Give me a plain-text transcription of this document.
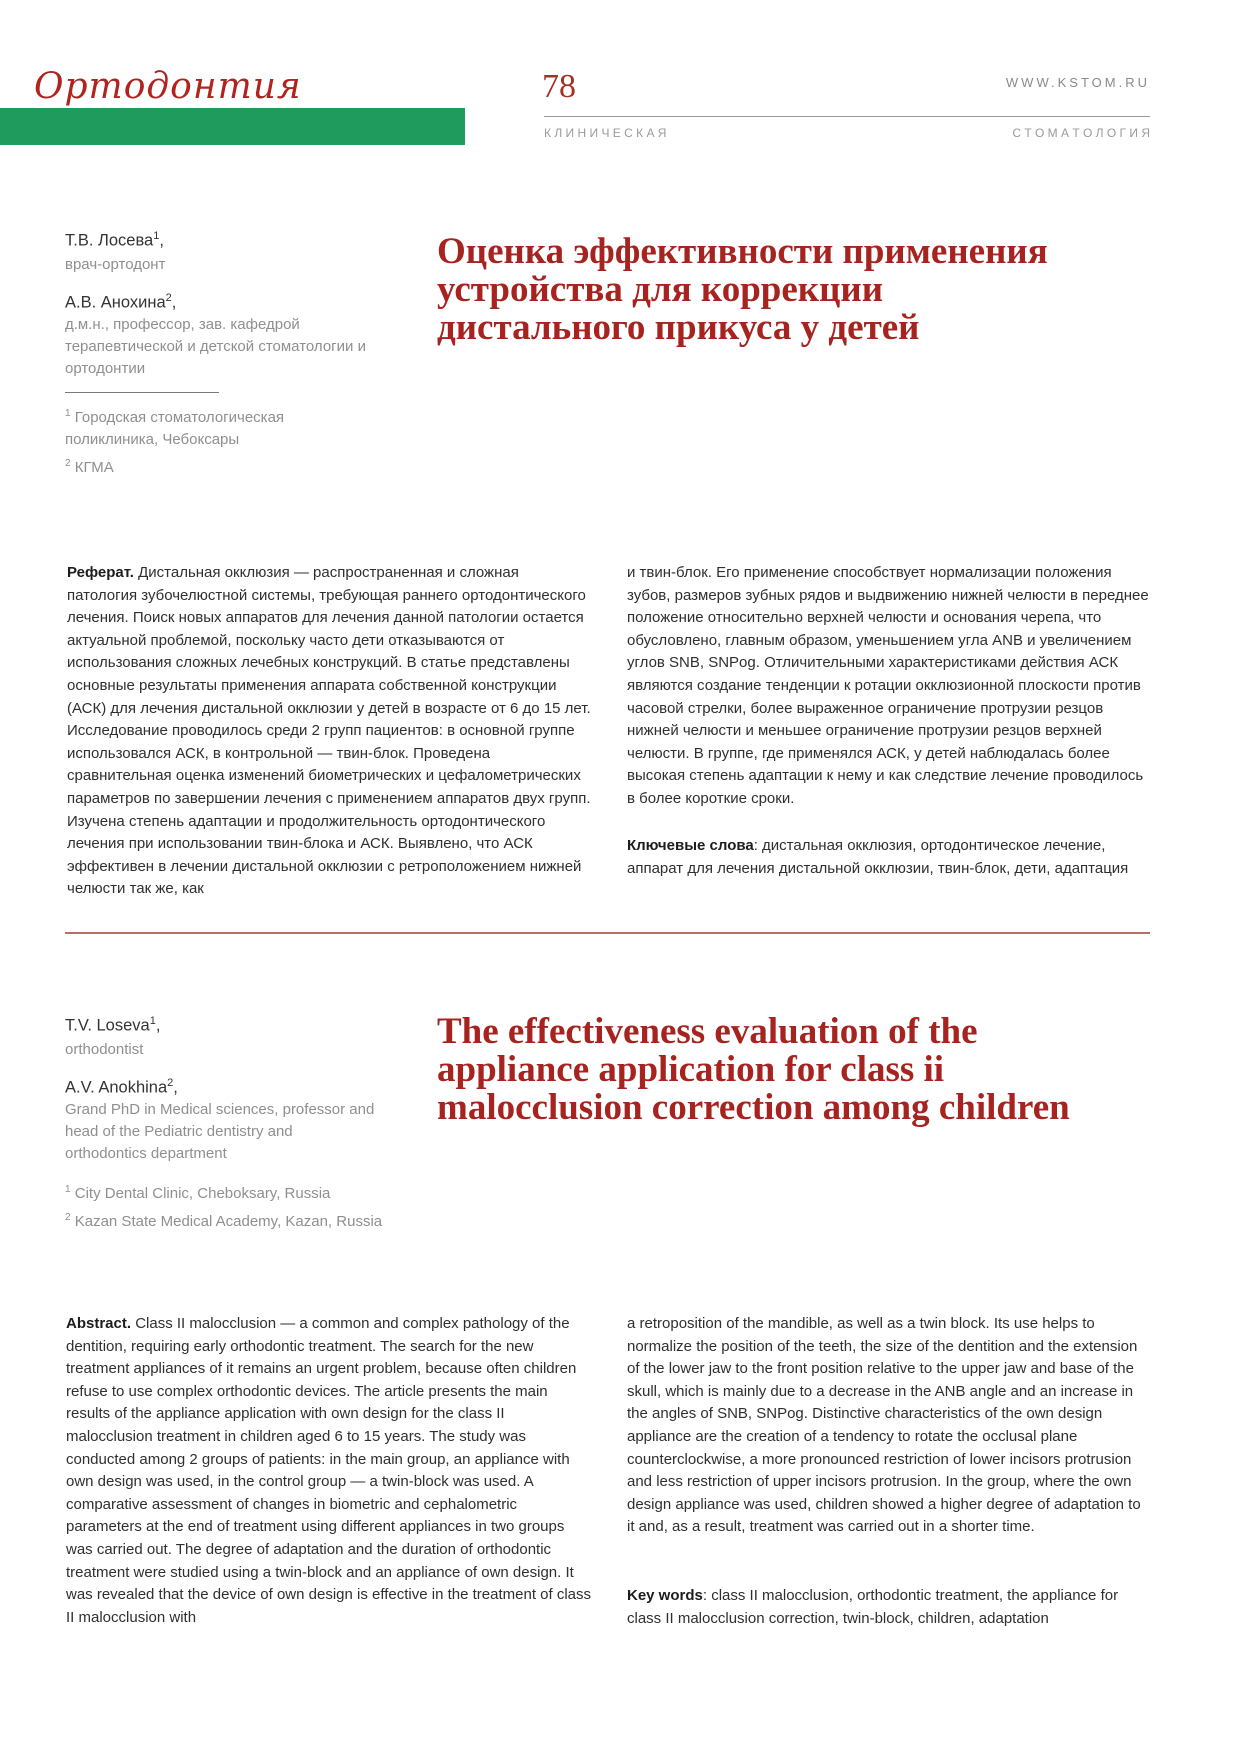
Ортодонтия	78	WWW.KSTOM.RU

К Л И Н И Ч Е С К А Я	С Т О М А Т О Л О Г И Я

Т.В. Лосева$^1$,

врач-ортодонт

А.В. Анохина$^2$,

д.м.н., профессор, зав. кафедрой терапевтической и детской стоматологии и ортодонтии

$^1$ Городская стоматологическая поликлиника, Чебоксары

$^2$ КГМА

Оценка эффективности применения устройства для коррекции дистального прикуса у детей

Реферат. Дистальная окклюзия — распространенная и сложная патология зубочелюстной системы, требующая раннего ортодонтического лечения. Поиск новых аппаратов для лечения данной патологии остается актуальной проблемой, поскольку часто дети отказываются от использования сложных лечебных конструкций. В статье представлены основные результаты применения аппарата собственной конструкции (АСК) для лечения дистальной окклюзии у детей в возрасте от 6 до 15 лет. Исследование проводилось среди 2 групп пациентов: в основной группе использовался АСК, в контрольной — твин-блок. Проведена сравнительная оценка изменений биометрических и цефалометрических параметров по завершении лечения с применением аппаратов двух групп. Изучена степень адаптации и продолжительность ортодонтического лечения при использовании твин-блока и АСК. Выявлено, что АСК эффективен в лечении дистальной окклюзии с ретроположением нижней челюсти так же, как

и твин-блок. Его применение способствует нормализации положения зубов, размеров зубных рядов и выдвижению нижней челюсти в переднее положение относительно верхней челюсти и основания черепа, что обусловлено, главным образом, уменьшением угла ANB и увеличением углов SNB, SNPog. Отличительными характеристиками действия АСК являются создание тенденции к ротации окклюзионной плоскости против часовой стрелки, более выраженное ограничение протрузии резцов нижней челюсти и меньшее ограничение протрузии резцов верхней челюсти. В группе, где применялся АСК, у детей наблюдалась более высокая степень адаптации к нему и как следствие лечение проводилось в более короткие сроки.

Ключевые слова: дистальная окклюзия, ортодонтическое лечение, аппарат для лечения дистальной окклюзии, твин-блок, дети, адаптация

T.V. Loseva$^1$,

orthodontist

A.V. Anokhina$^2$,

Grand PhD in Medical sciences, professor and head of the Pediatric dentistry and orthodontics department

$^1$ City Dental Clinic, Cheboksary, Russia

$^2$ Kazan State Medical Academy, Kazan, Russia

The effectiveness evaluation of the appliance application for class ii malocclusion correction among children

Abstract. Class II malocclusion — a common and complex pathology of the dentition, requiring early orthodontic treatment. The search for the new treatment appliances of it remains an urgent problem, because often children refuse to use complex orthodontic devices. The article presents the main results of the appliance application with own design for the class II malocclusion treatment in children aged 6 to 15 years. The study was conducted among 2 groups of patients: in the main group, an appliance with own design was used, in the control group — a twin-block was used. A comparative assessment of changes in biometric and cephalometric parameters at the end of treatment using different appliances in two groups was carried out. The degree of adaptation and the duration of orthodontic treatment were studied using a twin-block and an appliance of own design. It was revealed that the device of own design is effective in the treatment of class II malocclusion with

a retroposition of the mandible, as well as a twin block. Its use helps to normalize the position of the teeth, the size of the dentition and the extension of the lower jaw to the front position relative to the upper jaw and base of the skull, which is mainly due to a decrease in the ANB angle and an increase in the angles of SNB, SNPog. Distinctive characteristics of the own design appliance are the creation of a tendency to rotate the occlusal plane counterclockwise, a more pronounced restriction of lower incisors protrusion and less restriction of upper incisors protrusion. In the group, where the own design appliance was used, children showed a higher degree of adaptation to it and, as a result, treatment was carried out in a shorter time.

Key words: class II malocclusion, orthodontic treatment, the appliance for class II malocclusion correction, twin-block, children, adaptation
